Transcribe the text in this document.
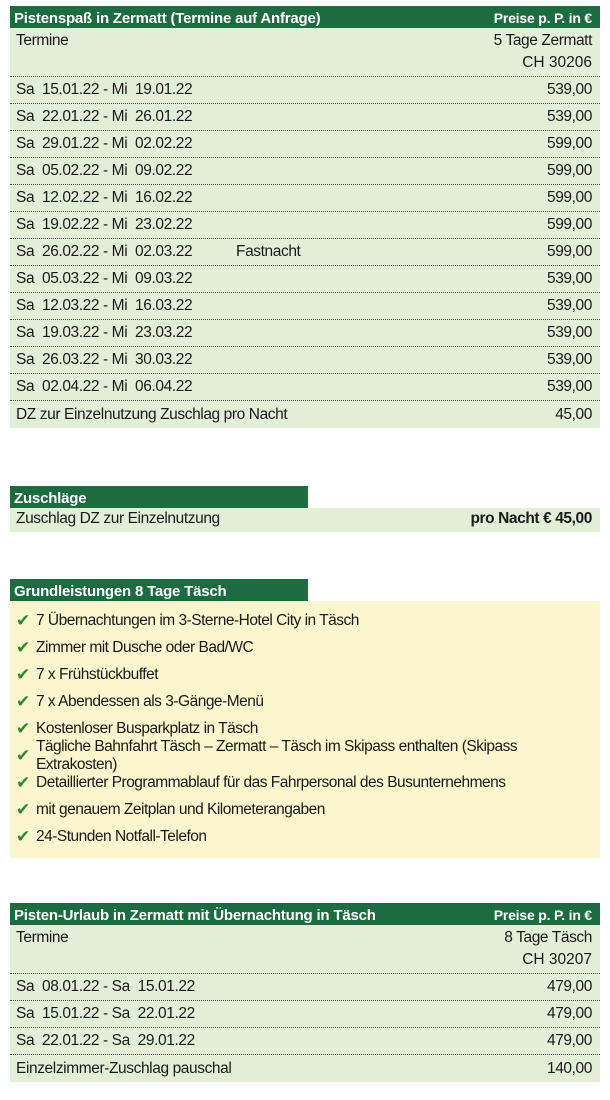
Pistenspaß in Zermatt (Termine auf Anfrage)	Preise p. P. in €
Termine	5 Tage Zermatt
CH 30206
Sa  15.01.22 - Mi  19.01.22	539,00
Sa  22.01.22 - Mi  26.01.22	539,00
Sa  29.01.22 - Mi  02.02.22	599,00
Sa  05.02.22 - Mi  09.02.22	599,00
Sa  12.02.22 - Mi  16.02.22	599,00
Sa  19.02.22 - Mi  23.02.22	599,00
Sa  26.02.22 - Mi  02.03.22	Fastnacht	599,00
Sa  05.03.22 - Mi  09.03.22	539,00
Sa  12.03.22 - Mi  16.03.22	539,00
Sa  19.03.22 - Mi  23.03.22	539,00
Sa  26.03.22 - Mi  30.03.22	539,00
Sa  02.04.22 - Mi  06.04.22	539,00
DZ zur Einzelnutzung Zuschlag pro Nacht	45,00
Zuschläge
Zuschlag DZ zur Einzelnutzung	pro Nacht € 45,00
Grundleistungen 8 Tage Täsch
✔ 7 Übernachtungen im 3-Sterne-Hotel City in Täsch
✔ Zimmer mit Dusche oder Bad/WC
✔ 7 x Frühstückbuffet
✔ 7 x Abendessen als 3-Gänge-Menü
✔ Kostenloser Busparkplatz in Täsch
✔ Tägliche Bahnfahrt Täsch – Zermatt – Täsch im Skipass enthalten (Skipass Extrakosten)
✔ Detaillierter Programmablauf für das Fahrpersonal des Busunternehmens
✔ mit genauem Zeitplan und Kilometerangaben
✔ 24-Stunden Notfall-Telefon
Pisten-Urlaub in Zermatt mit Übernachtung in Täsch	Preise p. P. in €
Termine	8 Tage Täsch
CH 30207
Sa  08.01.22 - Sa  15.01.22	479,00
Sa  15.01.22 - Sa  22.01.22	479,00
Sa  22.01.22 - Sa  29.01.22	479,00
Einzelzimmer-Zuschlag pauschal	140,00
